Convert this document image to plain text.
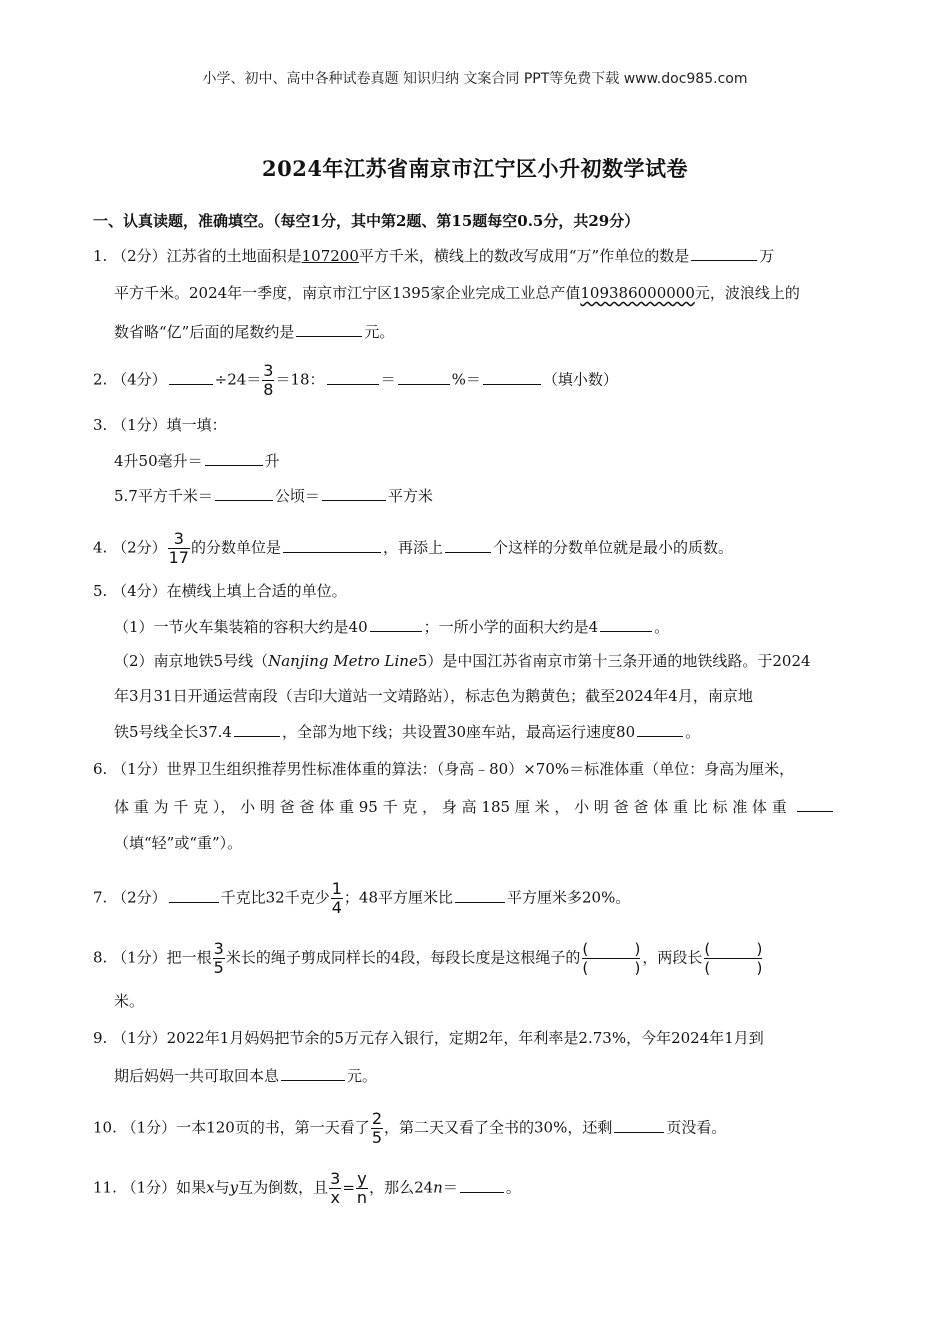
小学、初中、高中各种试卷真题 知识归纳 文案合同 PPT等免费下载 www.doc985.com
2024年江苏省南京市江宁区小升初数学试卷
一、认真读题，准确填空。（每空1分，其中第2题、第15题每空0.5分，共29分）
1. （2分）江苏省的土地面积是107200平方千米，横线上的数改写成用“万”作单位的数是	万
平方千米。2024年一季度，南京市江宁区1395家企业完成工业总产值109386000000元，波浪线上的
数省略“亿”后面的尾数约是	元。
2. （4分）	$\div 24= \frac{3}{8} =18$：	＝	%＝	（填小数）
3. （1分）填一填：
4升50毫升＝	升
5.7平方千米＝	公顷＝	平方米
4. （2分） $\frac{3}{17}$ 的分数单位是	，再添上	个这样的分数单位就是最小的质数。
5. （4分）在横线上填上合适的单位。
（1）一节火车集装箱的容积大约是40	；一所小学的面积大约是4	。
（2）南京地铁5号线（Nanjing Metro Line5）是中国江苏省南京市第十三条开通的地铁线路。于2024
年3月31日开通运营南段（吉印大道站一文靖路站），标志色为鹅黄色；截至2024年4月，南京地
铁5号线全长37.4	，全部为地下线；共设置30座车站，最高运行速度80	。
6. （1分）世界卫生组织推荐男性标准体重的算法：（身高﹣80）×70%＝标准体重（单位：身高为厘米，
体 重 为 千 克 ）， 小 明 爸 爸 体 重 95 千 克 ， 身 高 185 厘 米 ， 小 明 爸 爸 体 重 比 标 准 体 重
（填“轻”或“重”）。
7. （2分）	千克比32千克少 $\frac{1}{4}$ ；48平方厘米比	平方厘米多20%。
8. （1分）把一根 $\frac{3}{5}$ 米长的绳子剪成同样长的4段，每段长度是这根绳子的 (	)
(	)
，两段长 (	)
(	)
米。
9. （1分）2022年1月妈妈把节余的5万元存入银行，定期2年，年利率是2.73%，今年2024年1月到
期后妈妈一共可取回本息	元。
10. （1分）一本120页的书，第一天看了 $\frac{2}{5}$ ，第二天又看了全书的30%，还剩	页没看。
11. （1分）如果x与y互为倒数，且 $\frac{3}{x} = \frac{y}{n}$ ，那么24n＝	。
